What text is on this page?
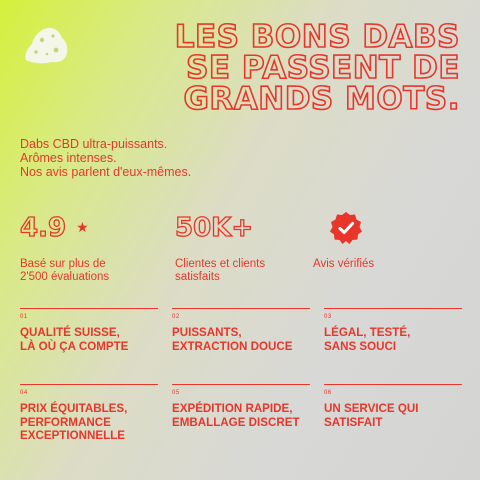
LES BONS DABS
SE PASSENT DE
GRANDS MOTS.
Dabs CBD ultra-puissants.
Arômes intenses.
Nos avis parlent d'eux-mêmes.
4.9 ★
Basé sur plus de
2'500 évaluations
50K+
Clientes et clients
satisfaits
Avis vérifiés
01
QUALITÉ SUISSE,
LÀ OÙ ÇA COMPTE
02
PUISSANTS,
EXTRACTION DOUCE
03
LÉGAL, TESTÉ,
SANS SOUCI
04
PRIX ÉQUITABLES,
PERFORMANCE
EXCEPTIONNELLE
05
EXPÉDITION RAPIDE,
EMBALLAGE DISCRET
06
UN SERVICE QUI
SATISFAIT
